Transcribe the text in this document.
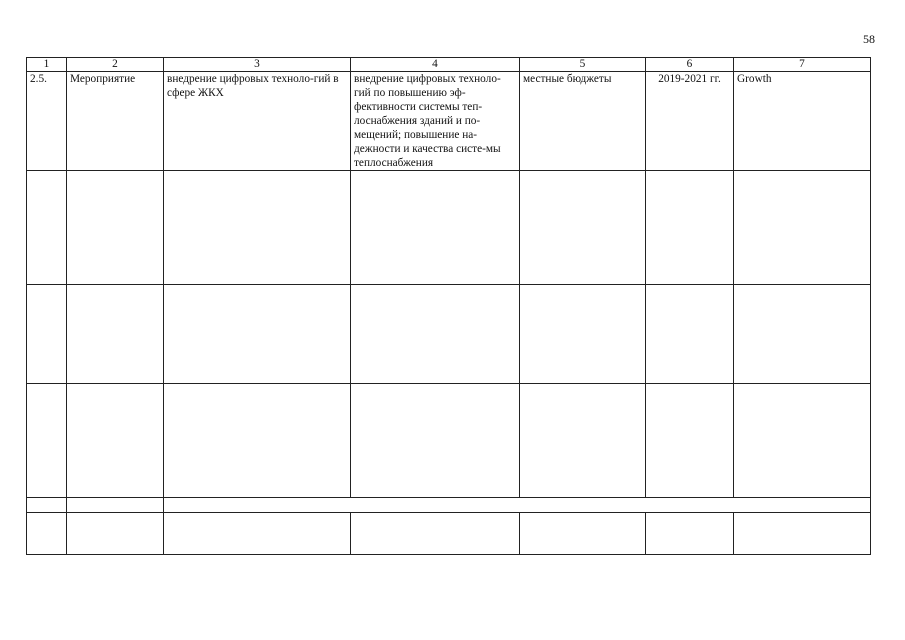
58
1	2	3	4	5	6	7
2.5.	Мероприятие	внедрение цифровых техноло-гий в сфере ЖКХ	внедрение цифровых техноло-гий по повышению эф-фективности системы теп-лоснабжения зданий и по-мещений; повышение на-дежности и качества систе-мы теплоснабжения	местные бюджеты	2019-2021 гг.	Growth
